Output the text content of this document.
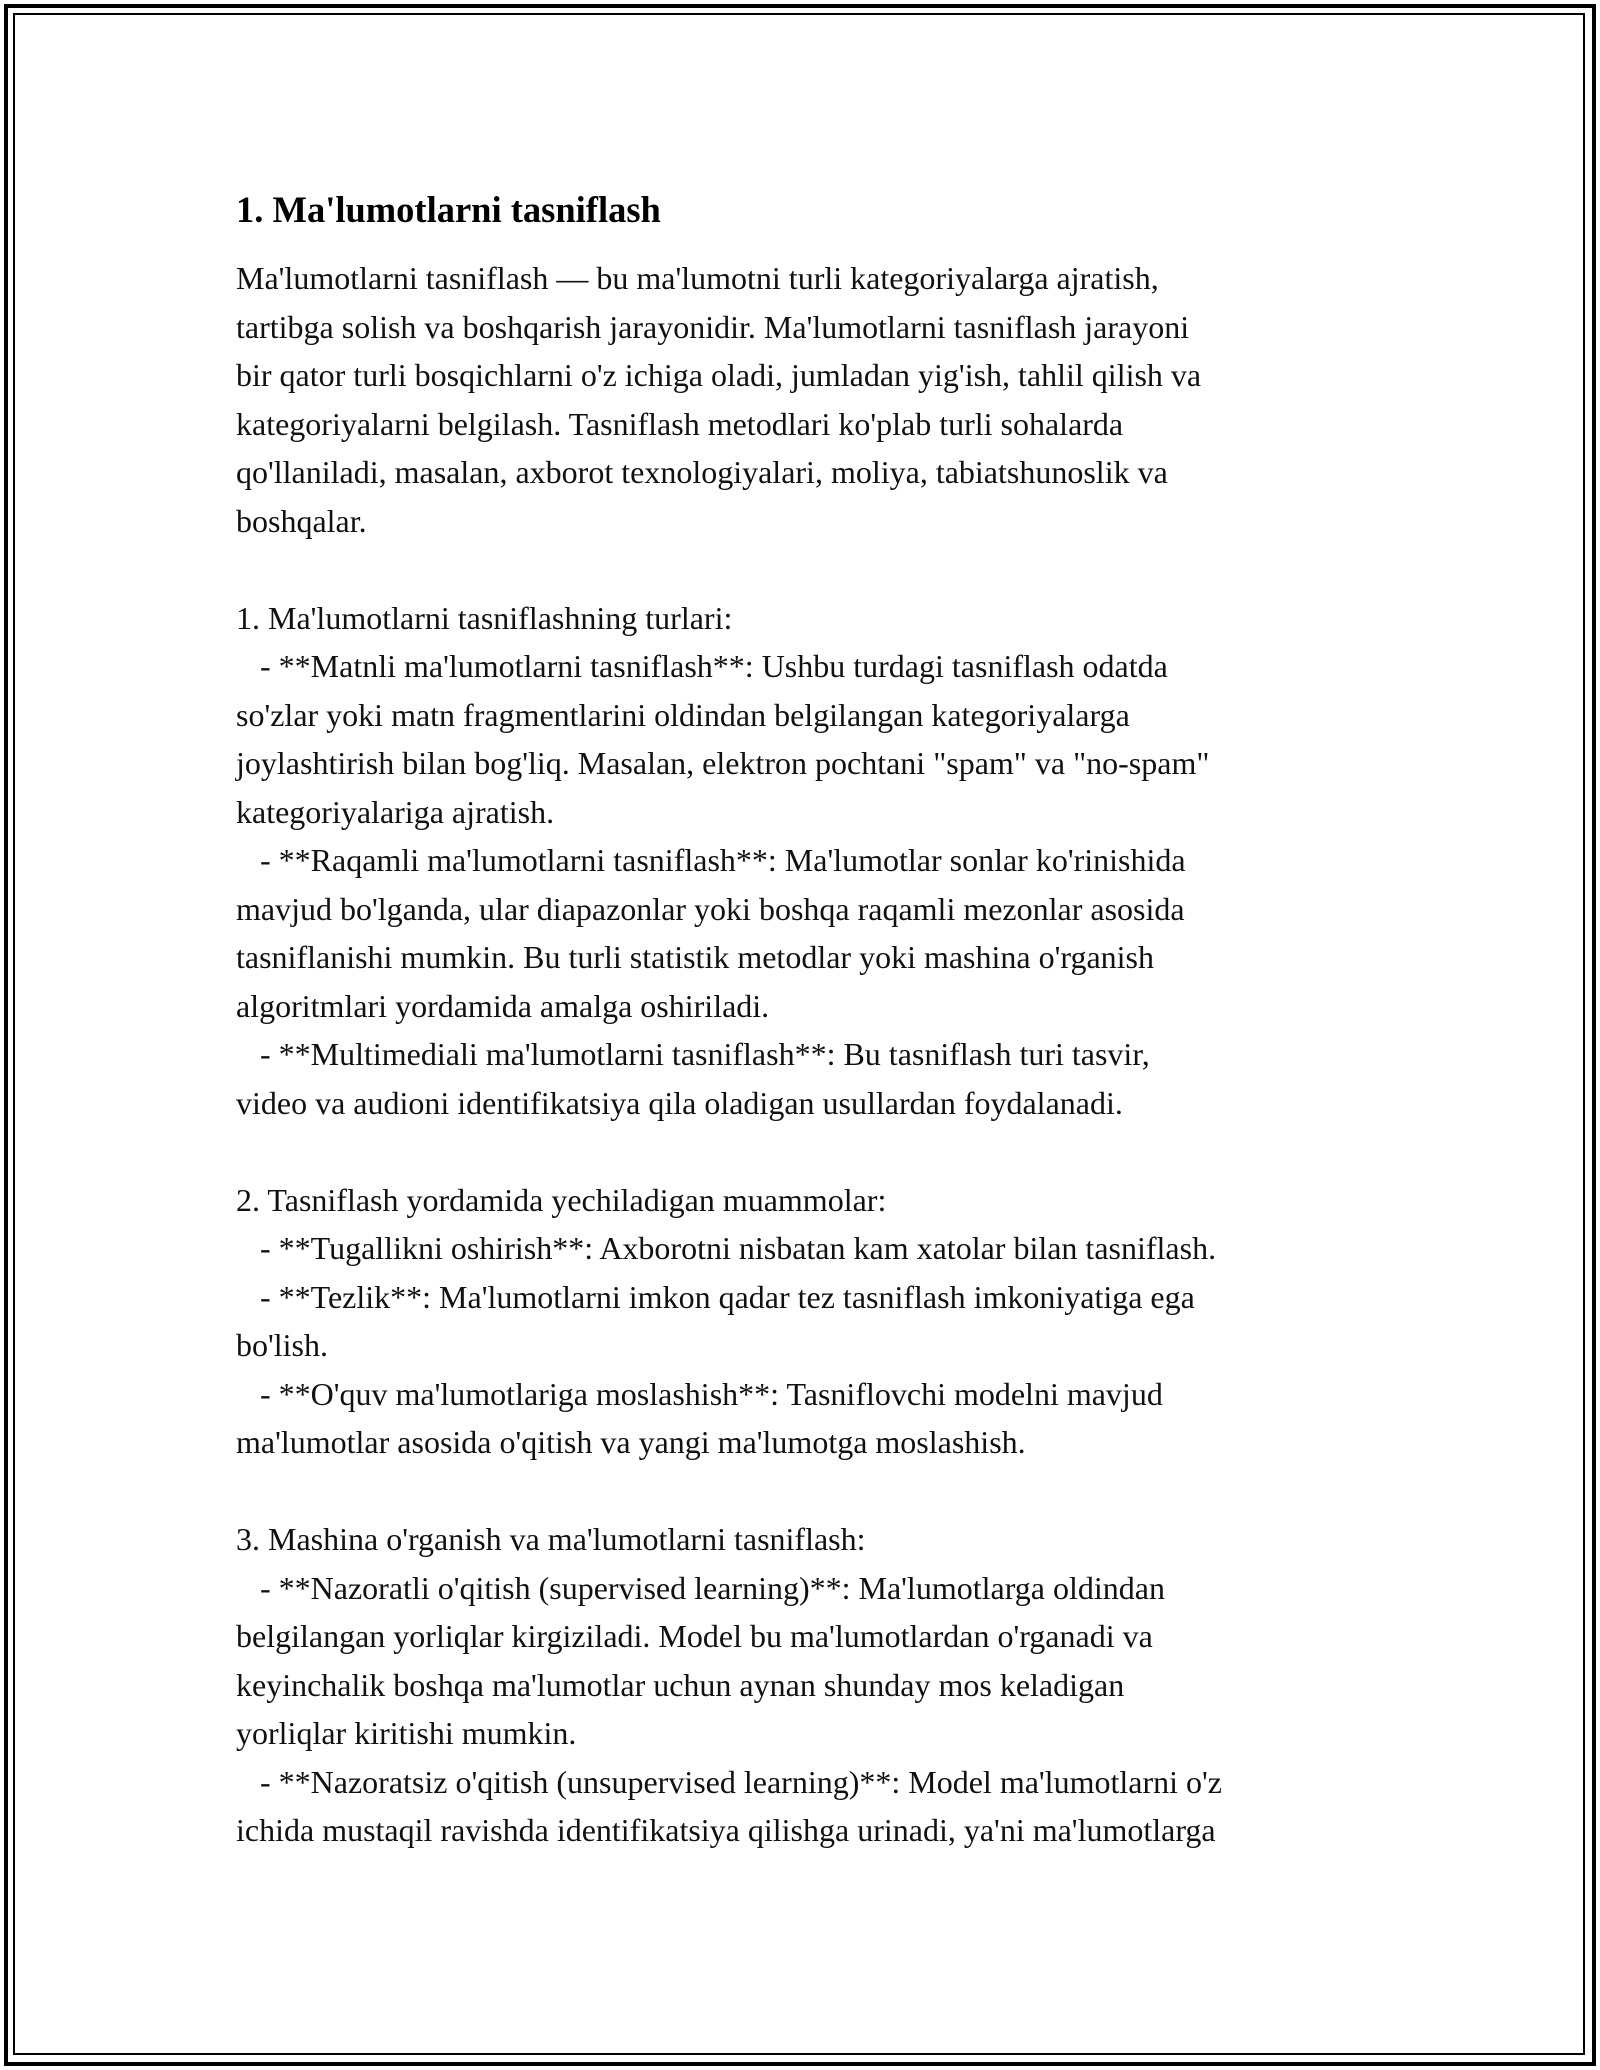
1. Ma'lumotlarni tasniflash
Ma'lumotlarni tasniflash — bu ma'lumotni turli kategoriyalarga ajratish,
tartibga solish va boshqarish jarayonidir. Ma'lumotlarni tasniflash jarayoni
bir qator turli bosqichlarni o'z ichiga oladi, jumladan yig'ish, tahlil qilish va
kategoriyalarni belgilash. Tasniflash metodlari ko'plab turli sohalarda
qo'llaniladi, masalan, axborot texnologiyalari, moliya, tabiatshunoslik va
boshqalar.
1. Ma'lumotlarni tasniflashning turlari:
- **Matnli ma'lumotlarni tasniflash**: Ushbu turdagi tasniflash odatda
so'zlar yoki matn fragmentlarini oldindan belgilangan kategoriyalarga
joylashtirish bilan bog'liq. Masalan, elektron pochtani "spam" va "no-spam"
kategoriyalariga ajratish.
- **Raqamli ma'lumotlarni tasniflash**: Ma'lumotlar sonlar ko'rinishida
mavjud bo'lganda, ular diapazonlar yoki boshqa raqamli mezonlar asosida
tasniflanishi mumkin. Bu turli statistik metodlar yoki mashina o'rganish
algoritmlari yordamida amalga oshiriladi.
- **Multimediali ma'lumotlarni tasniflash**: Bu tasniflash turi tasvir,
video va audioni identifikatsiya qila oladigan usullardan foydalanadi.
2. Tasniflash yordamida yechiladigan muammolar:
- **Tugallikni oshirish**: Axborotni nisbatan kam xatolar bilan tasniflash.
- **Tezlik**: Ma'lumotlarni imkon qadar tez tasniflash imkoniyatiga ega
bo'lish.
- **O'quv ma'lumotlariga moslashish**: Tasniflovchi modelni mavjud
ma'lumotlar asosida o'qitish va yangi ma'lumotga moslashish.
3. Mashina o'rganish va ma'lumotlarni tasniflash:
- **Nazoratli o'qitish (supervised learning)**: Ma'lumotlarga oldindan
belgilangan yorliqlar kirgiziladi. Model bu ma'lumotlardan o'rganadi va
keyinchalik boshqa ma'lumotlar uchun aynan shunday mos keladigan
yorliqlar kiritishi mumkin.
- **Nazoratsiz o'qitish (unsupervised learning)**: Model ma'lumotlarni o'z
ichida mustaqil ravishda identifikatsiya qilishga urinadi, ya'ni ma'lumotlarga
